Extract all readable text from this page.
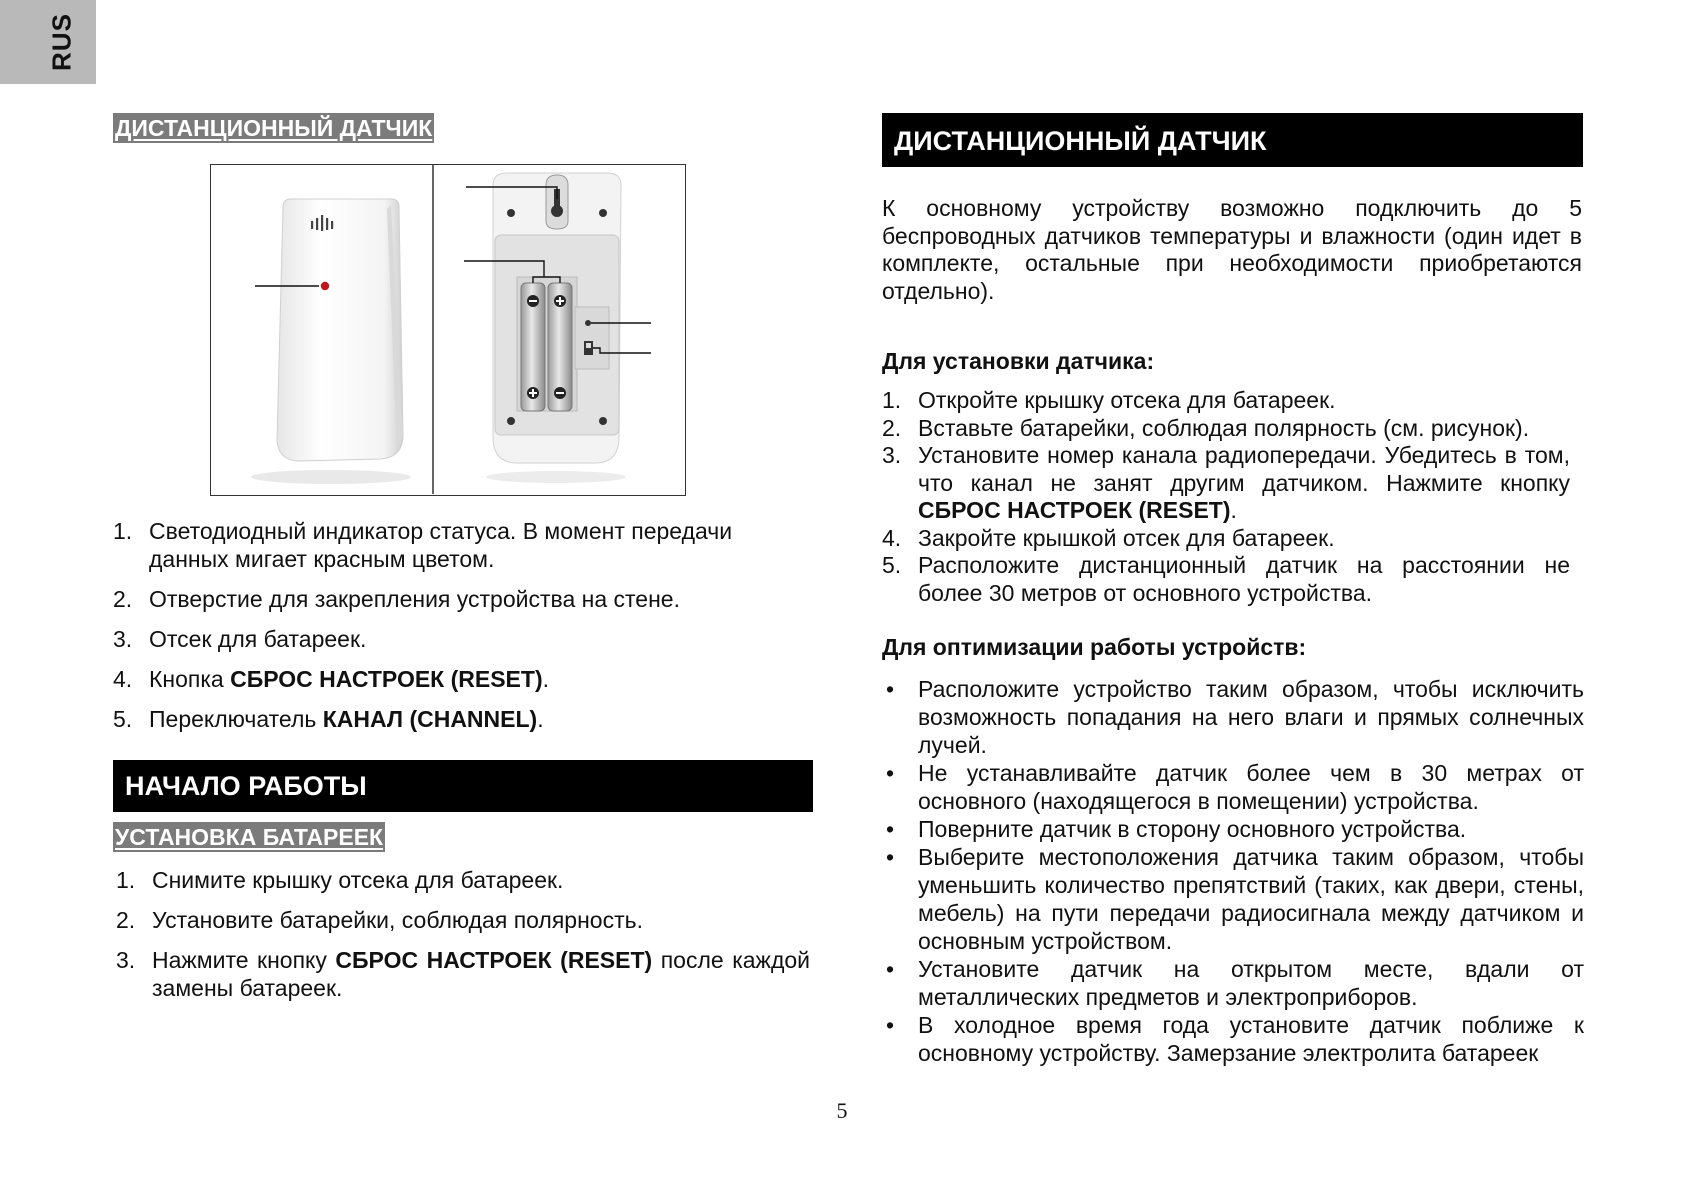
RUS
ДИСТАНЦИОННЫЙ ДАТЧИК
1. Светодиодный индикатор статуса. В момент передачи данных мигает красным цветом.
2. Отверстие для закрепления устройства на стене.
3. Отсек для батареек.
4. Кнопка СБРОС НАСТРОЕК (RESET).
5. Переключатель КАНАЛ (CHANNEL).
НАЧАЛО РАБОТЫ
УСТАНОВКА БАТАРЕЕК
1. Снимите крышку отсека для батареек.
2. Установите батарейки, соблюдая полярность.
3. Нажмите кнопку СБРОС НАСТРОЕК (RESET) после каждой замены батареек.
ДИСТАНЦИОННЫЙ ДАТЧИК
К основному устройству возможно подключить до 5 беспроводных датчиков температуры и влажности (один идет в комплекте, остальные при необходимости приобретаются отдельно).
Для установки датчика:
1. Откройте крышку отсека для батареек.
2. Вставьте батарейки, соблюдая полярность (см. рисунок).
3. Установите номер канала радиопередачи. Убедитесь в том, что канал не занят другим датчиком. Нажмите кнопку СБРОС НАСТРОЕК (RESET).
4. Закройте крышкой отсек для батареек.
5. Расположите дистанционный датчик на расстоянии не более 30 метров от основного устройства.
Для оптимизации работы устройств:
• Расположите устройство таким образом, чтобы исключить возможность попадания на него влаги и прямых солнечных лучей.
• Не устанавливайте датчик более чем в 30 метрах от основного (находящегося в помещении) устройства.
• Поверните датчик в сторону основного устройства.
• Выберите местоположения датчика таким образом, чтобы уменьшить количество препятствий (таких, как двери, стены, мебель) на пути передачи радиосигнала между датчиком и основным устройством.
• Установите датчик на открытом месте, вдали от металлических предметов и электроприборов.
• В холодное время года установите датчик поближе к основному устройству. Замерзание электролита батареек
5
